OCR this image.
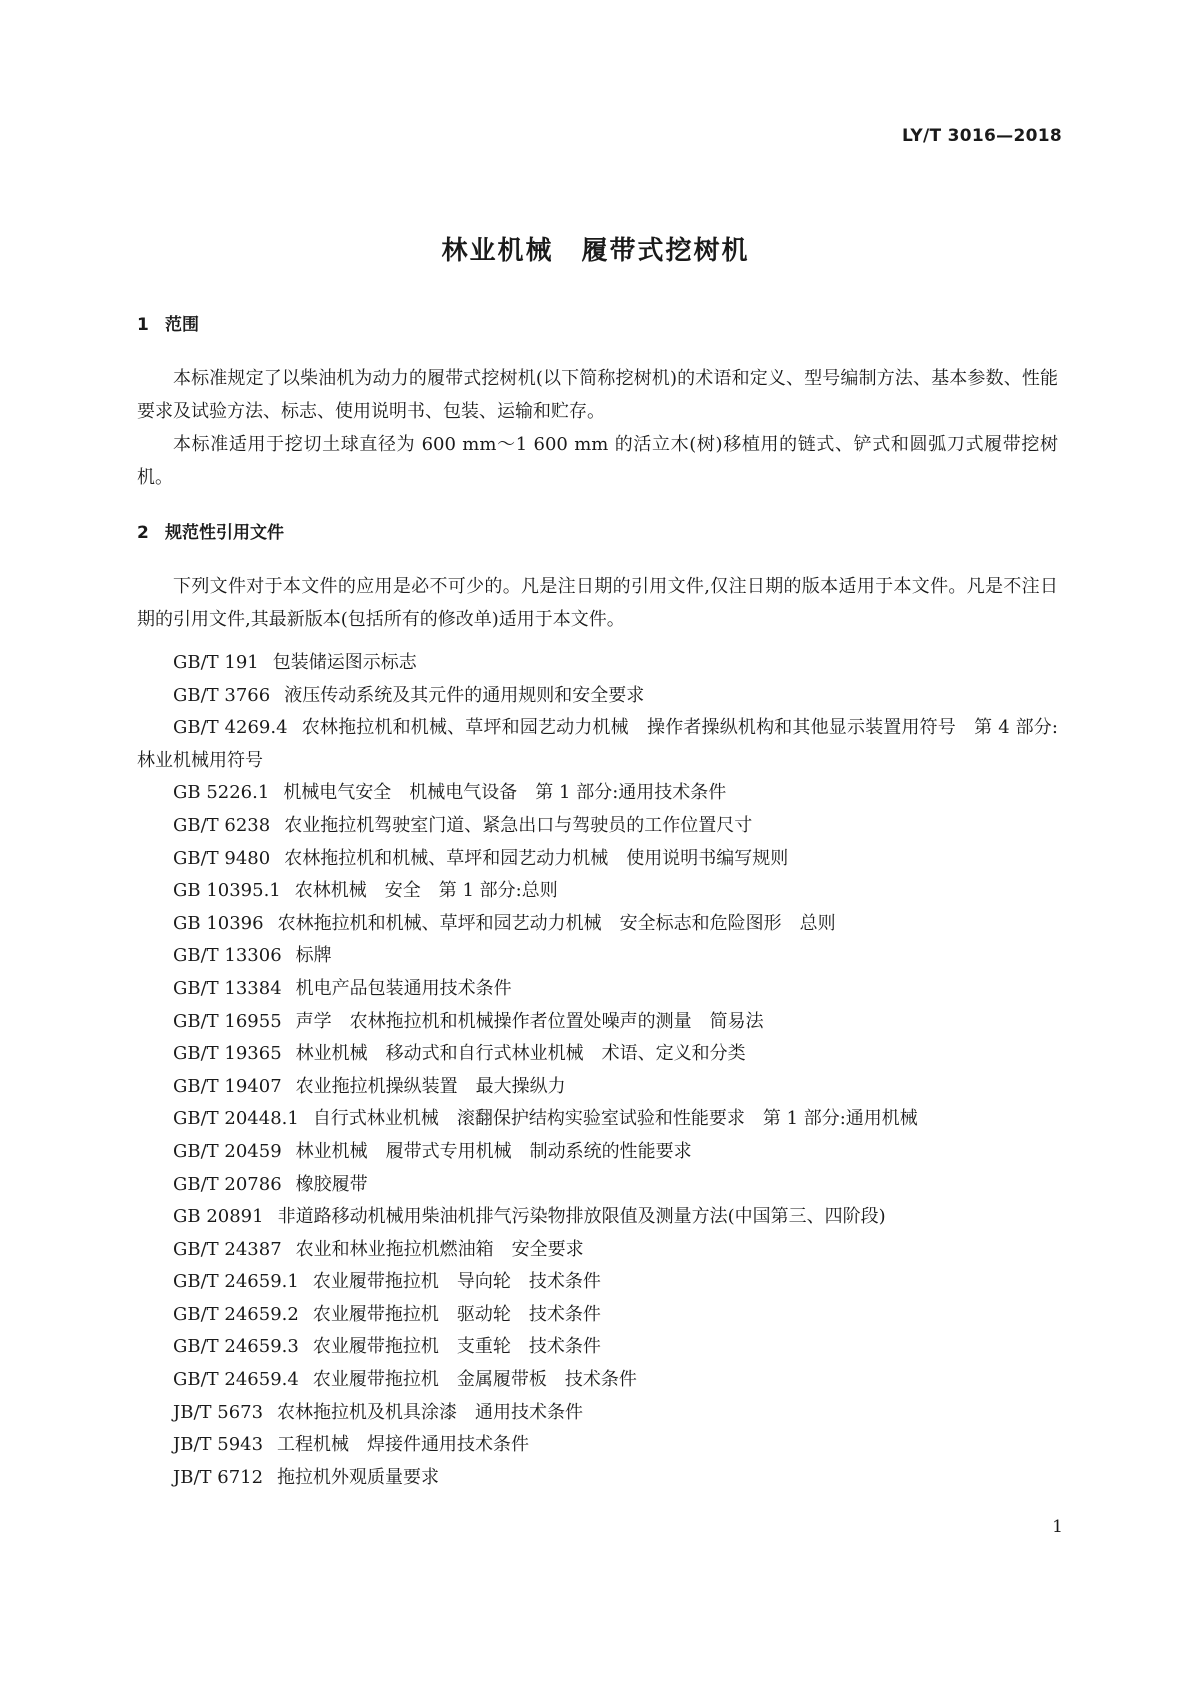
LY/T 3016—2018
林业机械 履带式挖树机
1 范围

本标准规定了以柴油机为动力的履带式挖树机(以下简称挖树机)的术语和定义、型号编制方法、基本参数、性能要求及试验方法、标志、使用说明书、包装、运输和贮存。

本标准适用于挖切土球直径为 600 mm～1 600 mm 的活立木(树)移植用的链式、铲式和圆弧刀式履带挖树机。

2 规范性引用文件

下列文件对于本文件的应用是必不可少的。凡是注日期的引用文件,仅注日期的版本适用于本文件。凡是不注日期的引用文件,其最新版本(包括所有的修改单)适用于本文件。

GB/T 191 包装储运图示标志
GB/T 3766 液压传动系统及其元件的通用规则和安全要求
GB/T 4269.4 农林拖拉机和机械、草坪和园艺动力机械　操作者操纵机构和其他显示装置用符号　第 4 部分:林业机械用符号
GB 5226.1 机械电气安全　机械电气设备　第 1 部分:通用技术条件
GB/T 6238 农业拖拉机驾驶室门道、紧急出口与驾驶员的工作位置尺寸
GB/T 9480 农林拖拉机和机械、草坪和园艺动力机械　使用说明书编写规则
GB 10395.1 农林机械　安全　第 1 部分:总则
GB 10396 农林拖拉机和机械、草坪和园艺动力机械　安全标志和危险图形　总则
GB/T 13306 标牌
GB/T 13384 机电产品包装通用技术条件
GB/T 16955 声学　农林拖拉机和机械操作者位置处噪声的测量　简易法
GB/T 19365 林业机械　移动式和自行式林业机械　术语、定义和分类
GB/T 19407 农业拖拉机操纵装置　最大操纵力
GB/T 20448.1 自行式林业机械　滚翻保护结构实验室试验和性能要求　第 1 部分:通用机械
GB/T 20459 林业机械　履带式专用机械　制动系统的性能要求
GB/T 20786 橡胶履带
GB 20891 非道路移动机械用柴油机排气污染物排放限值及测量方法(中国第三、四阶段)
GB/T 24387 农业和林业拖拉机燃油箱　安全要求
GB/T 24659.1 农业履带拖拉机　导向轮　技术条件
GB/T 24659.2 农业履带拖拉机　驱动轮　技术条件
GB/T 24659.3 农业履带拖拉机　支重轮　技术条件
GB/T 24659.4 农业履带拖拉机　金属履带板　技术条件
JB/T 5673 农林拖拉机及机具涂漆　通用技术条件
JB/T 5943 工程机械　焊接件通用技术条件
JB/T 6712 拖拉机外观质量要求
1
